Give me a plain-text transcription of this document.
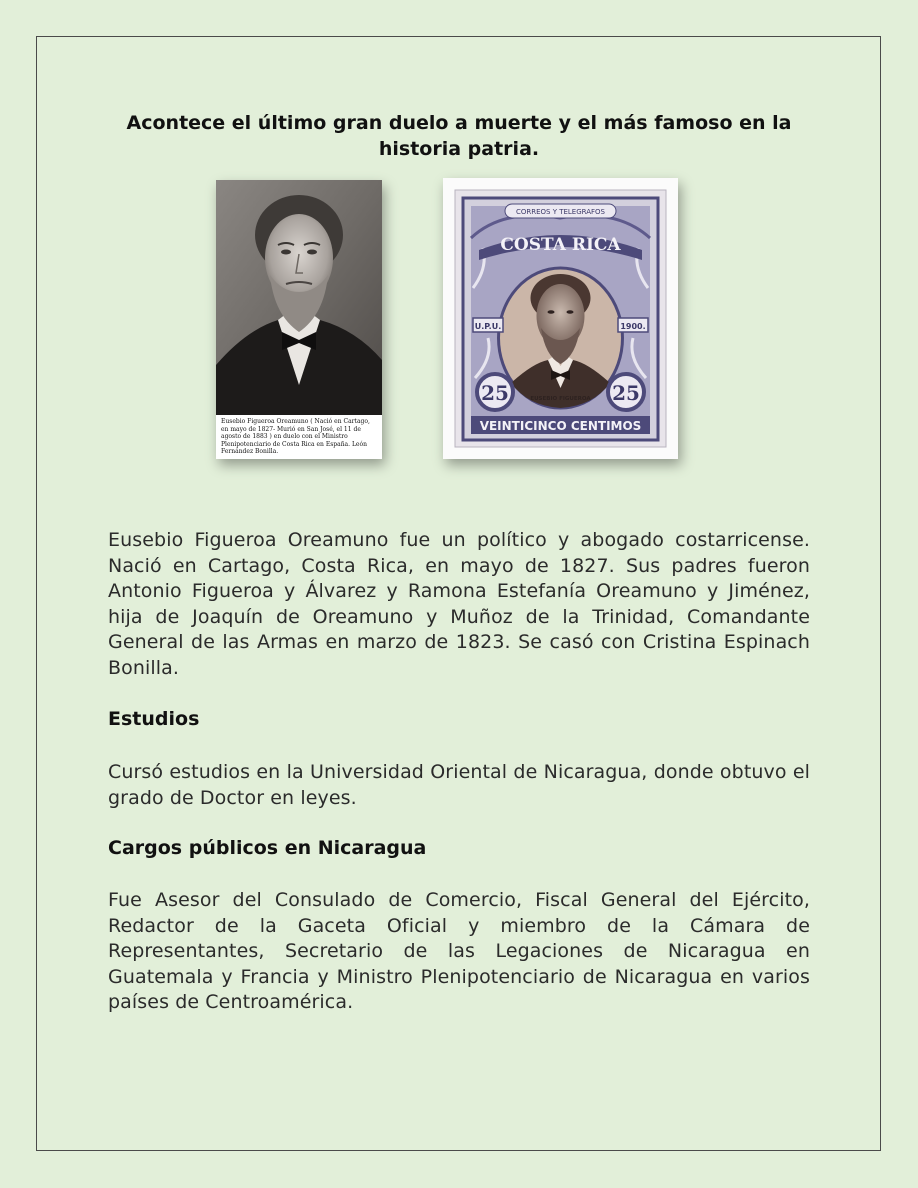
Acontece el último gran duelo a muerte y el más famoso en la historia patria.
Eusebio Figueroa Oreamuno ( Nació en Cartago, en mayo de 1827- Murió en San José, el 11 de agosto de 1883 ) en duelo con el Ministro Plenipotenciario de Costa Rica en España. León Fernández Bonilla.
CORREOS Y TELEGRAFOS
COSTA RICA
EUSEBIO FIGUEROA
U.P.U.	1900.
25	25
VEINTICINCO CENTIMOS

Eusebio Figueroa Oreamuno fue un político y abogado costarricense. Nació en Cartago, Costa Rica, en mayo de 1827. Sus padres fueron Antonio Figueroa y Álvarez y Ramona Estefanía Oreamuno y Jiménez, hija de Joaquín de Oreamuno y Muñoz de la Trinidad, Comandante General de las Armas en marzo de 1823. Se casó con Cristina Espinach Bonilla.

Estudios

Cursó estudios en la Universidad Oriental de Nicaragua, donde obtuvo el grado de Doctor en leyes.

Cargos públicos en Nicaragua

Fue Asesor del Consulado de Comercio, Fiscal General del Ejército, Redactor de la Gaceta Oficial y miembro de la Cámara de Representantes, Secretario de las Legaciones de Nicaragua en Guatemala y Francia y Ministro Plenipotenciario de Nicaragua en varios países de Centroamérica.
